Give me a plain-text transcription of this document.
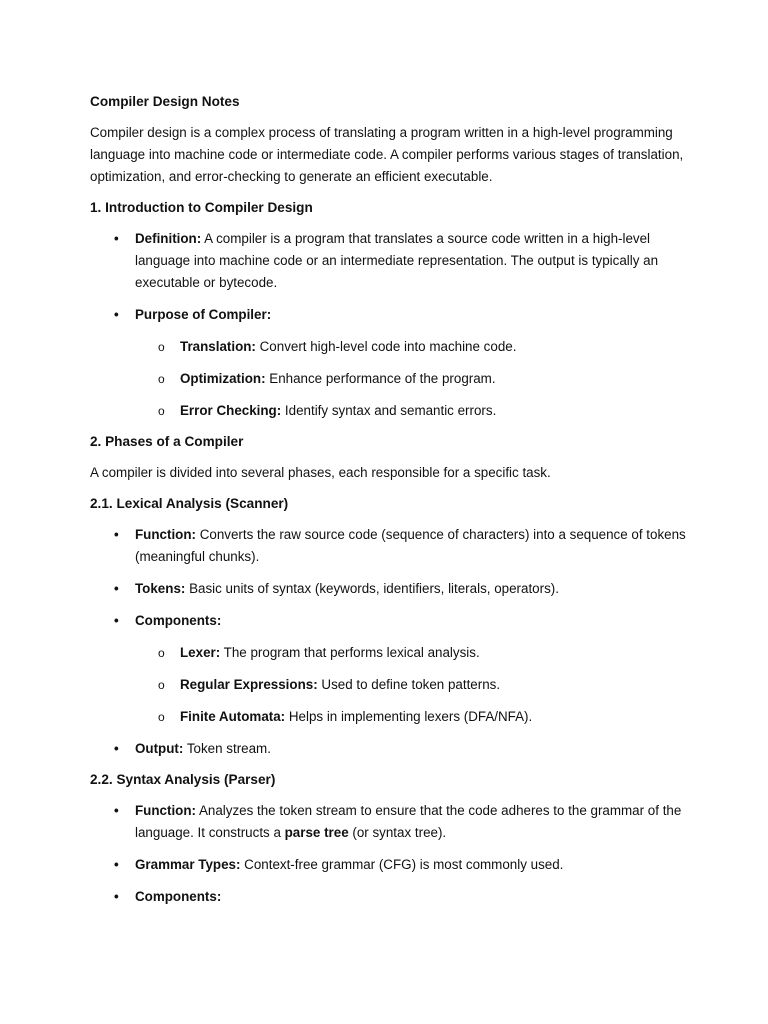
Compiler Design Notes
Compiler design is a complex process of translating a program written in a high-level programming language into machine code or intermediate code. A compiler performs various stages of translation, optimization, and error-checking to generate an efficient executable.
1. Introduction to Compiler Design
• Definition: A compiler is a program that translates a source code written in a high-level language into machine code or an intermediate representation. The output is typically an executable or bytecode.
• Purpose of Compiler:
o Translation: Convert high-level code into machine code.
o Optimization: Enhance performance of the program.
o Error Checking: Identify syntax and semantic errors.
2. Phases of a Compiler
A compiler is divided into several phases, each responsible for a specific task.
2.1. Lexical Analysis (Scanner)
• Function: Converts the raw source code (sequence of characters) into a sequence of tokens (meaningful chunks).
• Tokens: Basic units of syntax (keywords, identifiers, literals, operators).
• Components:
o Lexer: The program that performs lexical analysis.
o Regular Expressions: Used to define token patterns.
o Finite Automata: Helps in implementing lexers (DFA/NFA).
• Output: Token stream.
2.2. Syntax Analysis (Parser)
• Function: Analyzes the token stream to ensure that the code adheres to the grammar of the language. It constructs a parse tree (or syntax tree).
• Grammar Types: Context-free grammar (CFG) is most commonly used.
• Components:
